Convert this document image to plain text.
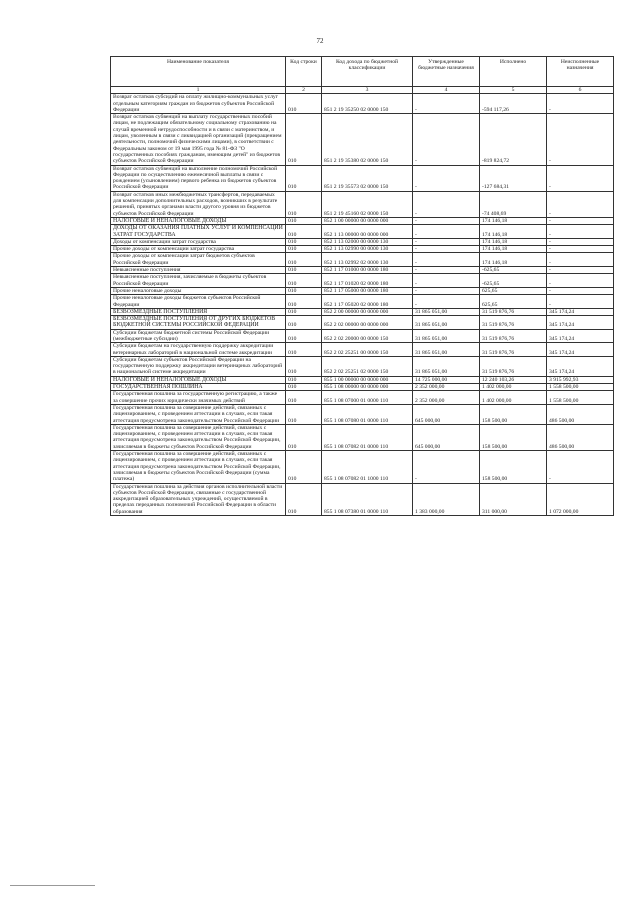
72
Наименование показателя	Код строки	Код дохода по бюджетной классификации	Утвержденные бюджетные назначения	Исполнено	Неисполненные назначения
1	2	3	4	5	6
Возврат остатков субсидий на оплату жилищно-коммунальных услуг отдельным категориям граждан из бюджетов субъектов Российской Федерации	010	851 2 19 35250 02 0000 150	-	-594 117,26	-
Возврат остатков субвенций на выплату государственных пособий лицам, не подлежащим обязательному социальному страхованию на случай временной нетрудоспособности и в связи с материнством, и лицам, уволенным в связи с ликвидацией организаций (прекращением деятельности, полномочий физическими лицами), в соответствии с Федеральным законом от 19 мая 1995 года № 81-ФЗ "О государственных пособиях гражданам, имеющим детей" из бюджетов субъектов Российской Федерации	010	851 2 19 35380 02 0000 150	-	-819 824,72	-
Возврат остатков субвенций на выполнение полномочий Российской Федерации по осуществлению ежемесячной выплаты в связи с рождением (усыновлением) первого ребенка из бюджетов субъектов Российской Федерации	010	851 2 19 35573 02 0000 150	-	-127 684,31	-
Возврат остатков иных межбюджетных трансфертов, передаваемых для компенсации дополнительных расходов, возникших в результате решений, принятых органами власти другого уровня из бюджетов субъектов Российской Федерации	010	851 2 19 45160 02 0000 150	-	-74 408,69	-
НАЛОГОВЫЕ И НЕНАЛОГОВЫЕ ДОХОДЫ	010	852 1 00 00000 00 0000 000	-	174 146,18	-
ДОХОДЫ ОТ ОКАЗАНИЯ ПЛАТНЫХ УСЛУГ И КОМПЕНСАЦИИ ЗАТРАТ ГОСУДАРСТВА	010	852 1 13 00000 00 0000 000	-	174 146,18	-
Доходы от компенсации затрат государства	010	852 1 13 02000 00 0000 130	-	174 146,18	-
Прочие доходы от компенсации затрат государства	010	852 1 13 02990 00 0000 130	-	174 146,18	-
Прочие доходы от компенсации затрат бюджетов субъектов Российской Федерации	010	852 1 13 02992 02 0000 130	-	174 146,18	-
Невыясненные поступления	010	852 1 17 01000 00 0000 180	-	-625,65	-
Невыясненные поступления, зачисляемые в бюджеты субъектов Российской Федерации	010	852 1 17 01020 02 0000 180	-	-625,65	-
Прочие неналоговые доходы	010	852 1 17 05000 00 0000 180	-	625,65	-
Прочие неналоговые доходы бюджетов субъектов Российской Федерации	010	852 1 17 05020 02 0000 180	-	625,65	-
БЕЗВОЗМЕЗДНЫЕ ПОСТУПЛЕНИЯ	010	852 2 00 00000 00 0000 000	31 865 051,00	31 519 876,76	345 174,24
БЕЗВОЗМЕЗДНЫЕ ПОСТУПЛЕНИЯ ОТ ДРУГИХ БЮДЖЕТОВ БЮДЖЕТНОЙ СИСТЕМЫ РОССИЙСКОЙ ФЕДЕРАЦИИ	010	852 2 02 00000 00 0000 000	31 865 051,00	31 519 876,76	345 174,24
Субсидии бюджетам бюджетной системы Российской Федерации (межбюджетные субсидии)	010	852 2 02 20000 00 0000 150	31 865 051,00	31 519 876,76	345 174,24
Субсидии бюджетам на государственную поддержку аккредитации ветеринарных лабораторий в национальной системе аккредитации	010	852 2 02 25251 00 0000 150	31 865 051,00	31 519 876,76	345 174,24
Субсидии бюджетам субъектов Российской Федерации на государственную поддержку аккредитации ветеринарных лабораторий в национальной системе аккредитации	010	852 2 02 25251 02 0000 150	31 865 051,00	31 519 876,76	345 174,24
НАЛОГОВЫЕ И НЕНАЛОГОВЫЕ ДОХОДЫ	010	855 1 00 00000 00 0000 000	14 725 000,00	12 240 103,26	3 915 992,93
ГОСУДАРСТВЕННАЯ ПОШЛИНА	010	855 1 08 00000 00 0000 000	2 352 000,00	1 402 000,00	1 558 500,00
Государственная пошлина за государственную регистрацию, а также за совершение прочих юридически значимых действий	010	855 1 08 07000 01 0000 110	2 352 000,00	1 402 000,00	1 558 500,00
Государственная пошлина за совершение действий, связанных с лицензированием, с проведением аттестации в случаях, если такая аттестация предусмотрена законодательством Российской Федерации	010	855 1 08 07080 01 0000 110	645 000,00	158 500,00	486 500,00
Государственная пошлина за совершение действий, связанных с лицензированием, с проведением аттестации в случаях, если такая аттестация предусмотрена законодательством Российской Федерации, зачисляемая в бюджеты субъектов Российской Федерации	010	855 1 08 07082 01 0000 110	645 000,00	158 500,00	486 500,00
Государственная пошлина за совершение действий, связанных с лицензированием, с проведением аттестации в случаях, если такая аттестация предусмотрена законодательством Российской Федерации, зачисляемая в бюджеты субъектов Российской Федерации (сумма платежа)	010	855 1 08 07082 01 1000 110	-	158 500,00	-
Государственная пошлина за действия органов исполнительной власти субъектов Российской Федерации, связанные с государственной аккредитацией образовательных учреждений, осуществляемой в пределах переданных полномочий Российской Федерации в области образования	010	855 1 08 07380 01 0000 110	1 383 000,00	311 000,00	1 072 000,00
